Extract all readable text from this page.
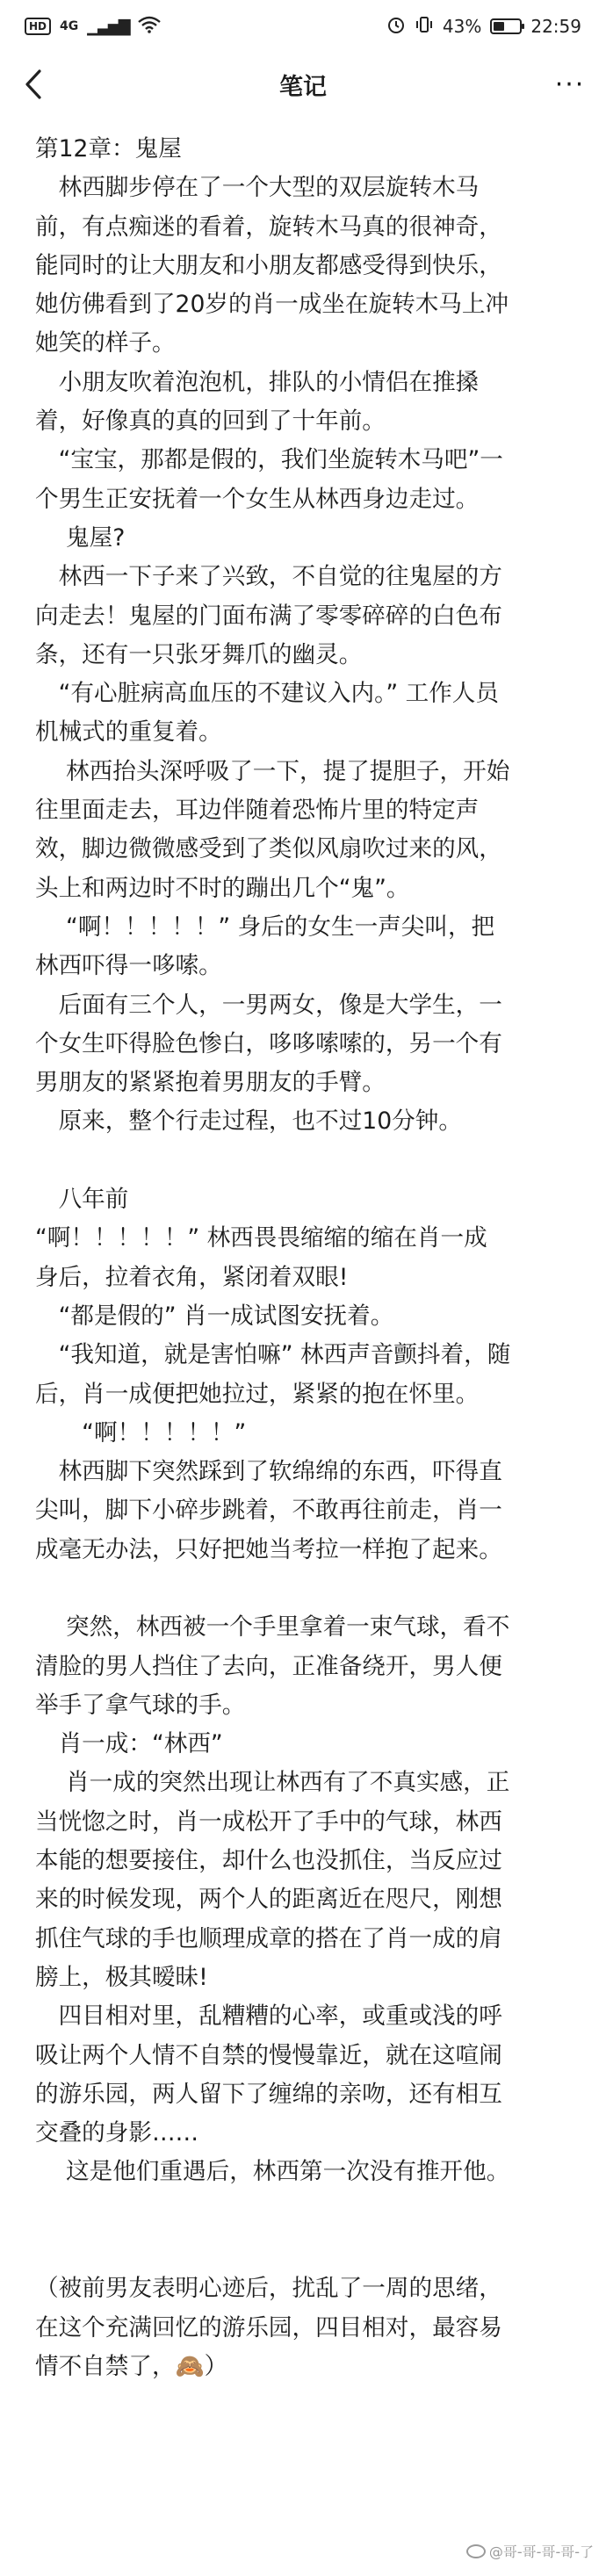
HD	4G ▁▃▅▇	43%	22:59
笔记	···

第12章：鬼屋

　林西脚步停在了一个大型的双层旋转木马

前，有点痴迷的看着，旋转木马真的很神奇，

能同时的让大朋友和小朋友都感受得到快乐，

她仿佛看到了20岁的肖一成坐在旋转木马上冲

她笑的样子。

　小朋友吹着泡泡机，排队的小情侣在推搡

着，好像真的真的回到了十年前。

　“宝宝，那都是假的，我们坐旋转木马吧”一

个男生正安抚着一个女生从林西身边走过。

　 鬼屋?

　林西一下子来了兴致，不自觉的往鬼屋的方

向走去！鬼屋的门面布满了零零碎碎的白色布

条，还有一只张牙舞爪的幽灵。

　“有心脏病高血压的不建议入内。” 工作人员

机械式的重复着。

　 林西抬头深呼吸了一下，提了提胆子，开始

往里面走去，耳边伴随着恐怖片里的特定声

效，脚边微微感受到了类似风扇吹过来的风，

头上和两边时不时的蹦出几个“鬼”。

　 “啊！！！！！” 身后的女生一声尖叫，把

林西吓得一哆嗦。

　后面有三个人，一男两女，像是大学生，一

个女生吓得脸色惨白，哆哆嗦嗦的，另一个有

男朋友的紧紧抱着男朋友的手臂。

　原来，整个行走过程，也不过10分钟。

　八年前

“啊！！！！！” 林西畏畏缩缩的缩在肖一成

身后，拉着衣角，紧闭着双眼!

　“都是假的” 肖一成试图安抚着。

　“我知道，就是害怕嘛” 林西声音颤抖着，随

后，肖一成便把她拉过，紧紧的抱在怀里。

　　“啊！！！！！”

　林西脚下突然踩到了软绵绵的东西，吓得直

尖叫，脚下小碎步跳着，不敢再往前走，肖一

成毫无办法，只好把她当考拉一样抱了起来。

　 突然，林西被一个手里拿着一束气球，看不

清脸的男人挡住了去向，正准备绕开，男人便

举手了拿气球的手。

　肖一成：“林西”

　 肖一成的突然出现让林西有了不真实感，正

当恍惚之时，肖一成松开了手中的气球，林西

本能的想要接住，却什么也没抓住，当反应过

来的时候发现，两个人的距离近在咫尺，刚想

抓住气球的手也顺理成章的搭在了肖一成的肩

膀上，极其暧昧!

　四目相对里，乱糟糟的心率，或重或浅的呼

吸让两个人情不自禁的慢慢靠近，就在这喧闹

的游乐园，两人留下了缠绵的亲吻，还有相互

交叠的身影……

　 这是他们重遇后，林西第一次没有推开他。

（被前男友表明心迹后，扰乱了一周的思绪，

在这个充满回忆的游乐园，四目相对，最容易

情不自禁了，🙈）

@哥-哥-哥-哥-了
